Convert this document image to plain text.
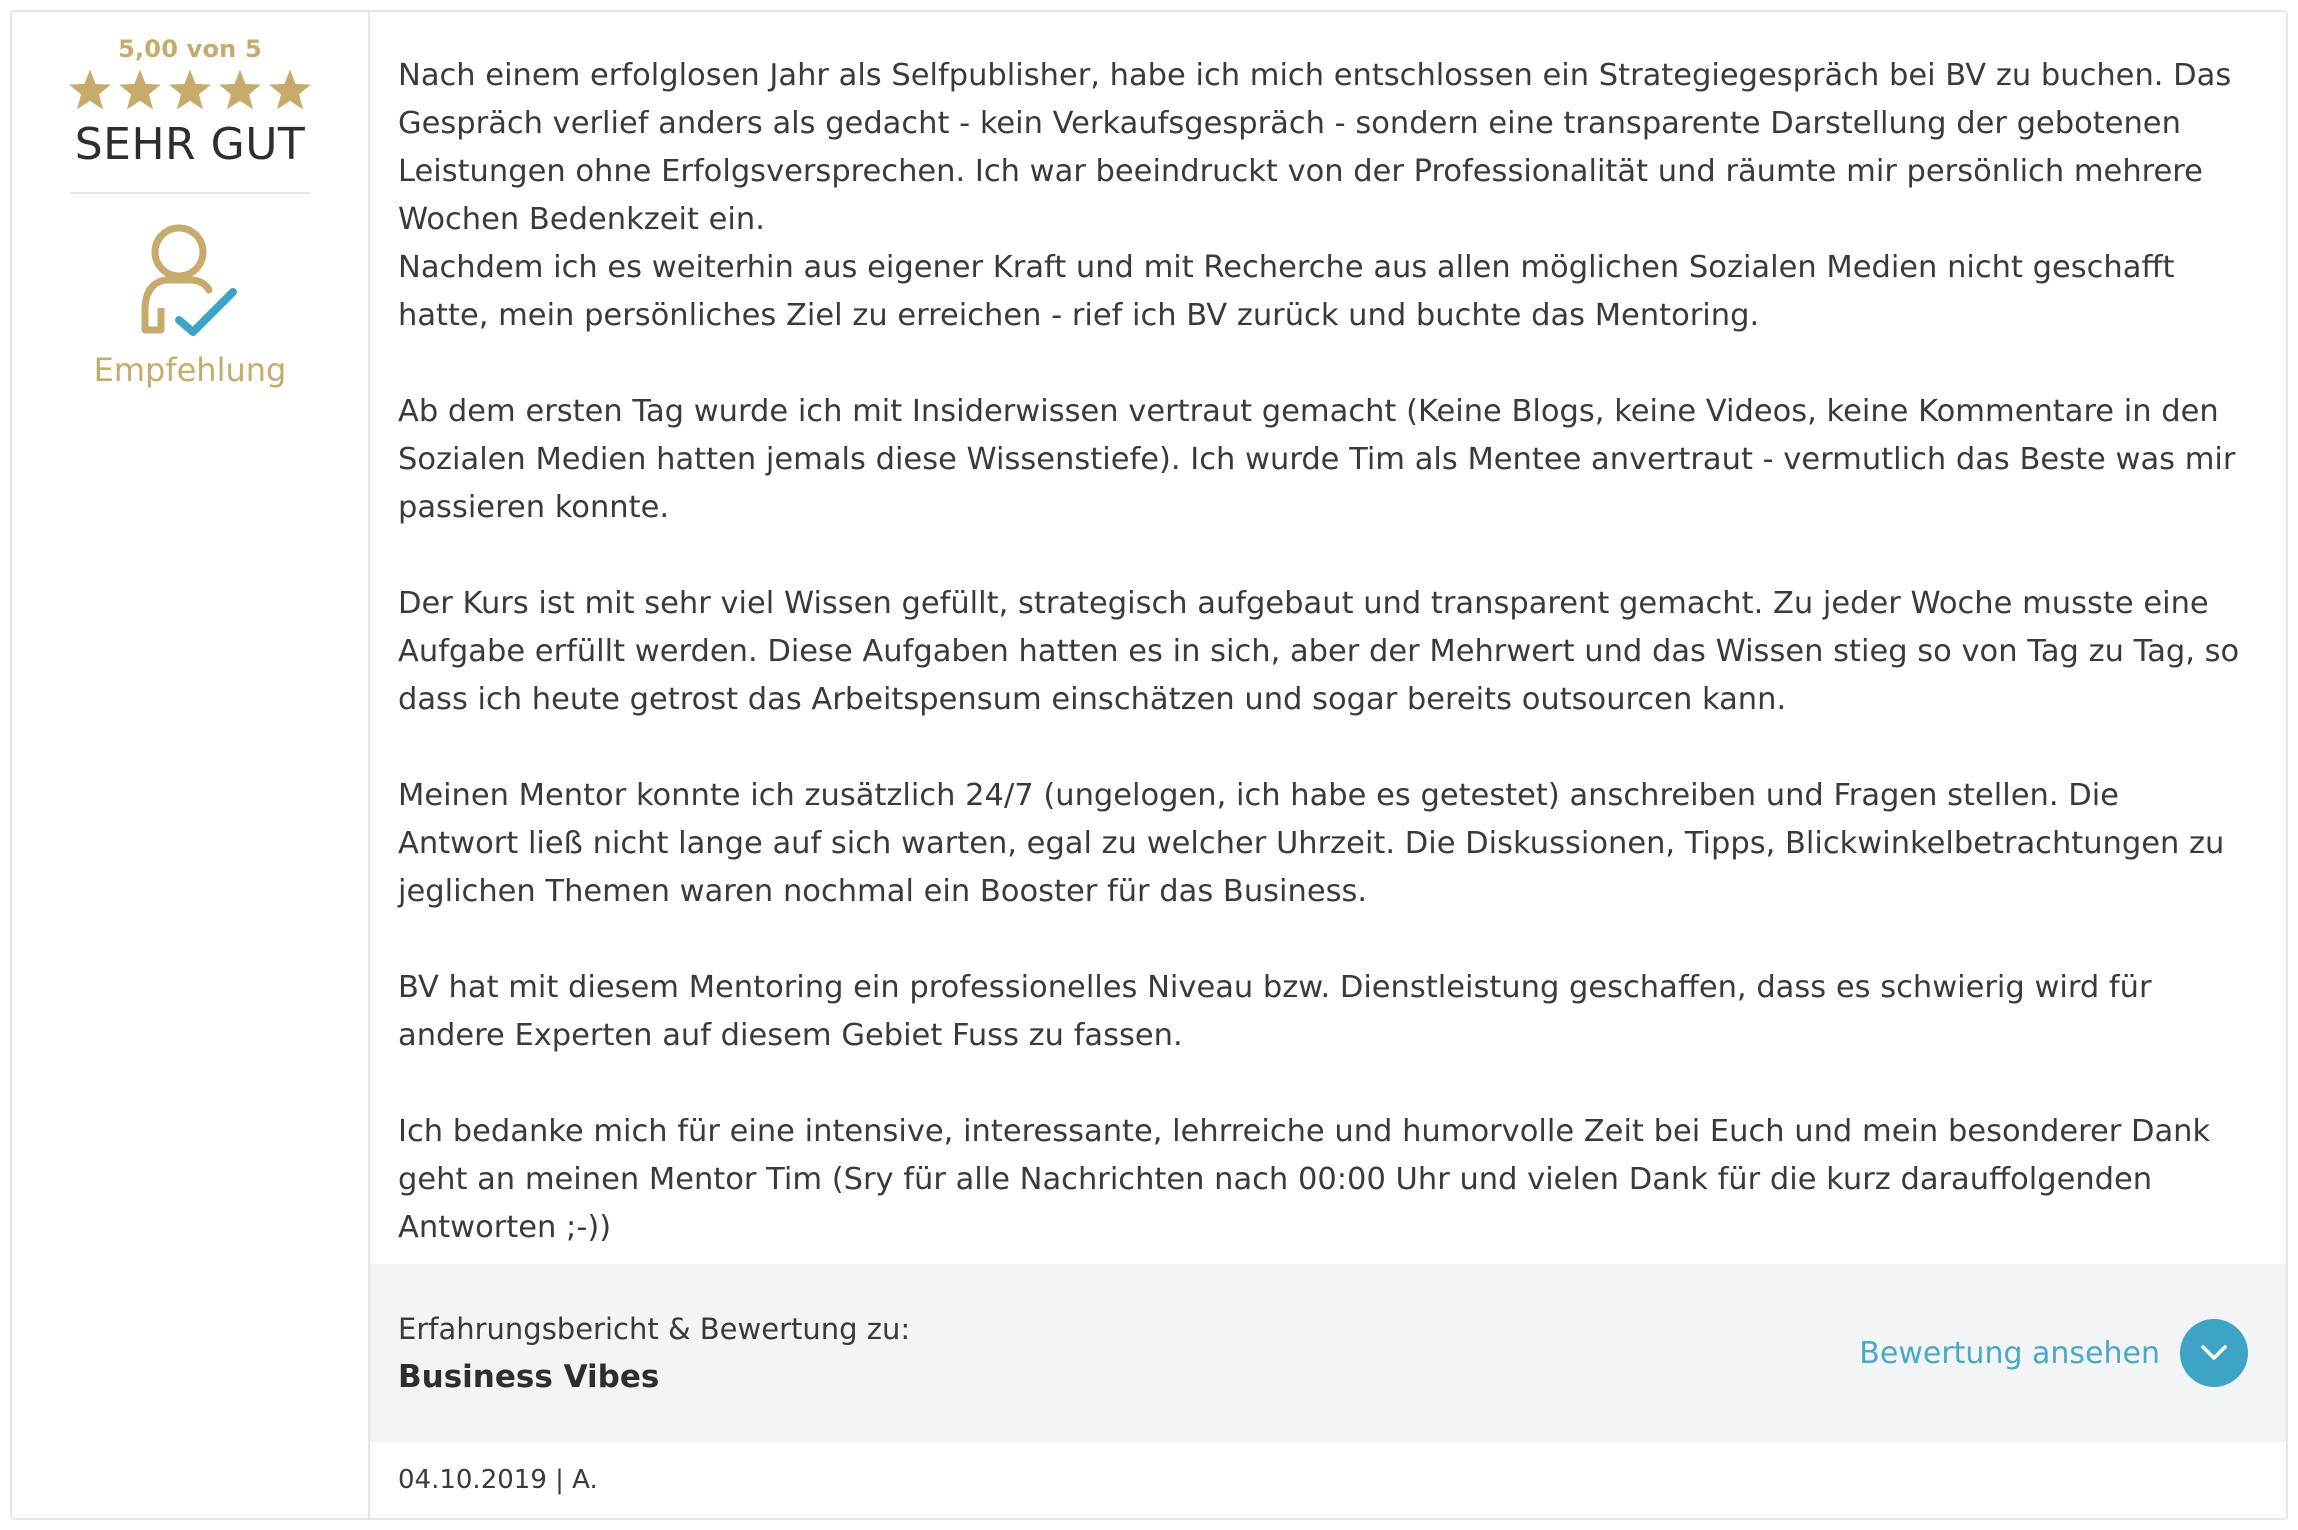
5,00 von 5
SEHR GUT
Empfehlung

Nach einem erfolglosen Jahr als Selfpublisher, habe ich mich entschlossen ein Strategiegespräch bei BV zu buchen. Das Gespräch verlief anders als gedacht - kein Verkaufsgespräch - sondern eine transparente Darstellung der gebotenen Leistungen ohne Erfolgsversprechen. Ich war beeindruckt von der Professionalität und räumte mir persönlich mehrere Wochen Bedenkzeit ein.
Nachdem ich es weiterhin aus eigener Kraft und mit Recherche aus allen möglichen Sozialen Medien nicht geschafft hatte, mein persönliches Ziel zu erreichen - rief ich BV zurück und buchte das Mentoring.

Ab dem ersten Tag wurde ich mit Insiderwissen vertraut gemacht (Keine Blogs, keine Videos, keine Kommentare in den Sozialen Medien hatten jemals diese Wissenstiefe). Ich wurde Tim als Mentee anvertraut - vermutlich das Beste was mir passieren konnte.

Der Kurs ist mit sehr viel Wissen gefüllt, strategisch aufgebaut und transparent gemacht. Zu jeder Woche musste eine Aufgabe erfüllt werden. Diese Aufgaben hatten es in sich, aber der Mehrwert und das Wissen stieg so von Tag zu Tag, so dass ich heute getrost das Arbeitspensum einschätzen und sogar bereits outsourcen kann.

Meinen Mentor konnte ich zusätzlich 24/7 (ungelogen, ich habe es getestet) anschreiben und Fragen stellen. Die Antwort ließ nicht lange auf sich warten, egal zu welcher Uhrzeit. Die Diskussionen, Tipps, Blickwinkelbetrachtungen zu jeglichen Themen waren nochmal ein Booster für das Business.

BV hat mit diesem Mentoring ein professionelles Niveau bzw. Dienstleistung geschaffen, dass es schwierig wird für andere Experten auf diesem Gebiet Fuss zu fassen.

Ich bedanke mich für eine intensive, interessante, lehrreiche und humorvolle Zeit bei Euch und mein besonderer Dank geht an meinen Mentor Tim (Sry für alle Nachrichten nach 00:00 Uhr und vielen Dank für die kurz darauffolgenden Antworten ;-))

Erfahrungsbericht & Bewertung zu:
Business Vibes
Bewertung ansehen
04.10.2019 | A.
